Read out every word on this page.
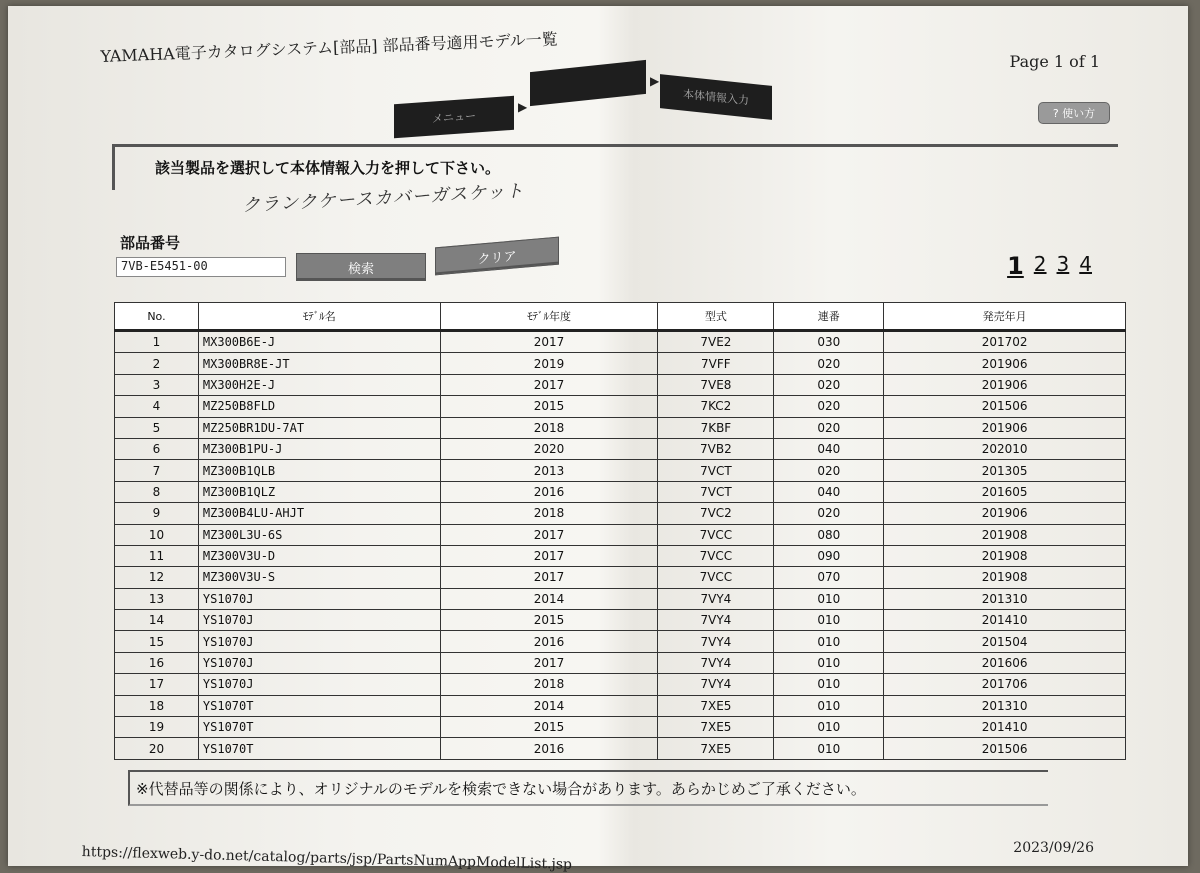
YAMAHA電子カタログシステム[部品] 部品番号適用モデル一覧	Page 1 of 1
メニュー
▶
▶
本体情報入力
? 使い方
該当製品を選択して本体情報入力を押して下さい。
クランクケースカバーガスケット
部品番号
7VB-E5451-00	検索
クリア	1 2 3 4
No.	ﾓﾃﾞﾙ名	ﾓﾃﾞﾙ年度	型式	連番	発売年月
1	MX300B6E-J	2017	7VE2	030	201702
2	MX300BR8E-JT	2019	7VFF	020	201906
3	MX300H2E-J	2017	7VE8	020	201906
4	MZ250B8FLD	2015	7KC2	020	201506
5	MZ250BR1DU-7AT	2018	7KBF	020	201906
6	MZ300B1PU-J	2020	7VB2	040	202010
7	MZ300B1QLB	2013	7VCT	020	201305
8	MZ300B1QLZ	2016	7VCT	040	201605
9	MZ300B4LU-AHJT	2018	7VC2	020	201906
10	MZ300L3U-6S	2017	7VCC	080	201908
11	MZ300V3U-D	2017	7VCC	090	201908
12	MZ300V3U-S	2017	7VCC	070	201908
13	YS1070J	2014	7VY4	010	201310
14	YS1070J	2015	7VY4	010	201410
15	YS1070J	2016	7VY4	010	201504
16	YS1070J	2017	7VY4	010	201606
17	YS1070J	2018	7VY4	010	201706
18	YS1070T	2014	7XE5	010	201310
19	YS1070T	2015	7XE5	010	201410
20	YS1070T	2016	7XE5	010	201506
※代替品等の関係により、オリジナルのモデルを検索できない場合があります。あらかじめご了承ください。
https://flexweb.y-do.net/catalog/parts/jsp/PartsNumAppModelList.jsp	2023/09/26
